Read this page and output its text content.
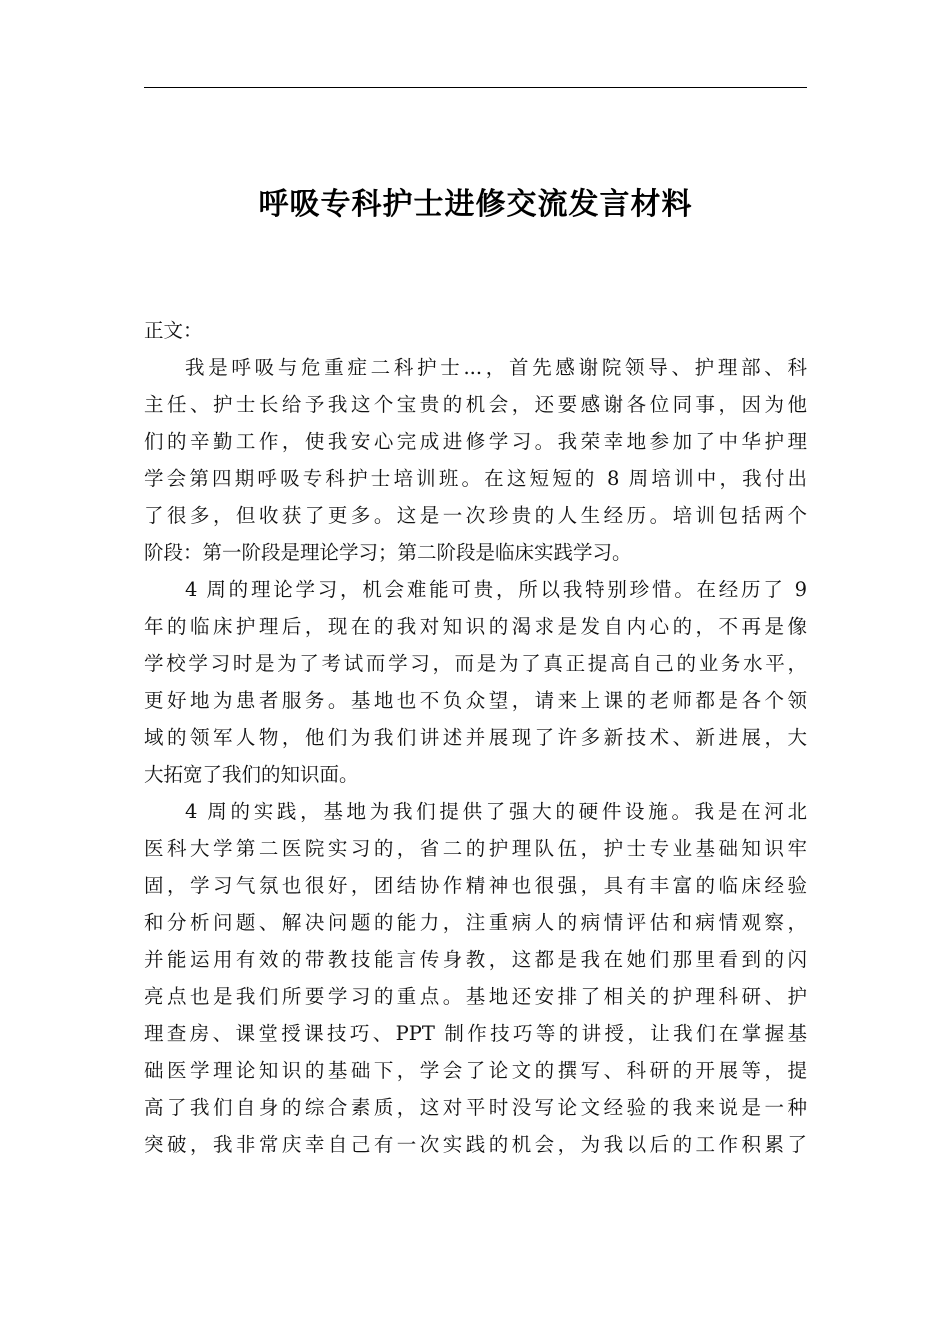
呼吸专科护士进修交流发言材料

正文：

我是呼吸与危重症二科护士...，首先感谢院领导、护理部、科
主任、护士长给予我这个宝贵的机会，还要感谢各位同事，因为他
们的辛勤工作，使我安心完成进修学习。我荣幸地参加了中华护理
学会第四期呼吸专科护士培训班。在这短短的 8 周培训中，我付出
了很多，但收获了更多。这是一次珍贵的人生经历。培训包括两个
阶段：第一阶段是理论学习；第二阶段是临床实践学习。
4 周的理论学习，机会难能可贵，所以我特别珍惜。在经历了 9
年的临床护理后，现在的我对知识的渴求是发自内心的，不再是像
学校学习时是为了考试而学习，而是为了真正提高自己的业务水平，
更好地为患者服务。基地也不负众望，请来上课的老师都是各个领
域的领军人物，他们为我们讲述并展现了许多新技术、新进展，大
大拓宽了我们的知识面。
4 周的实践，基地为我们提供了强大的硬件设施。我是在河北
医科大学第二医院实习的，省二的护理队伍，护士专业基础知识牢
固，学习气氛也很好，团结协作精神也很强，具有丰富的临床经验
和分析问题、解决问题的能力，注重病人的病情评估和病情观察，
并能运用有效的带教技能言传身教，这都是我在她们那里看到的闪
亮点也是我们所要学习的重点。基地还安排了相关的护理科研、护
理查房、课堂授课技巧、PPT 制作技巧等的讲授，让我们在掌握基
础医学理论知识的基础下，学会了论文的撰写、科研的开展等，提
高了我们自身的综合素质，这对平时没写论文经验的我来说是一种
突破，我非常庆幸自己有一次实践的机会，为我以后的工作积累了
